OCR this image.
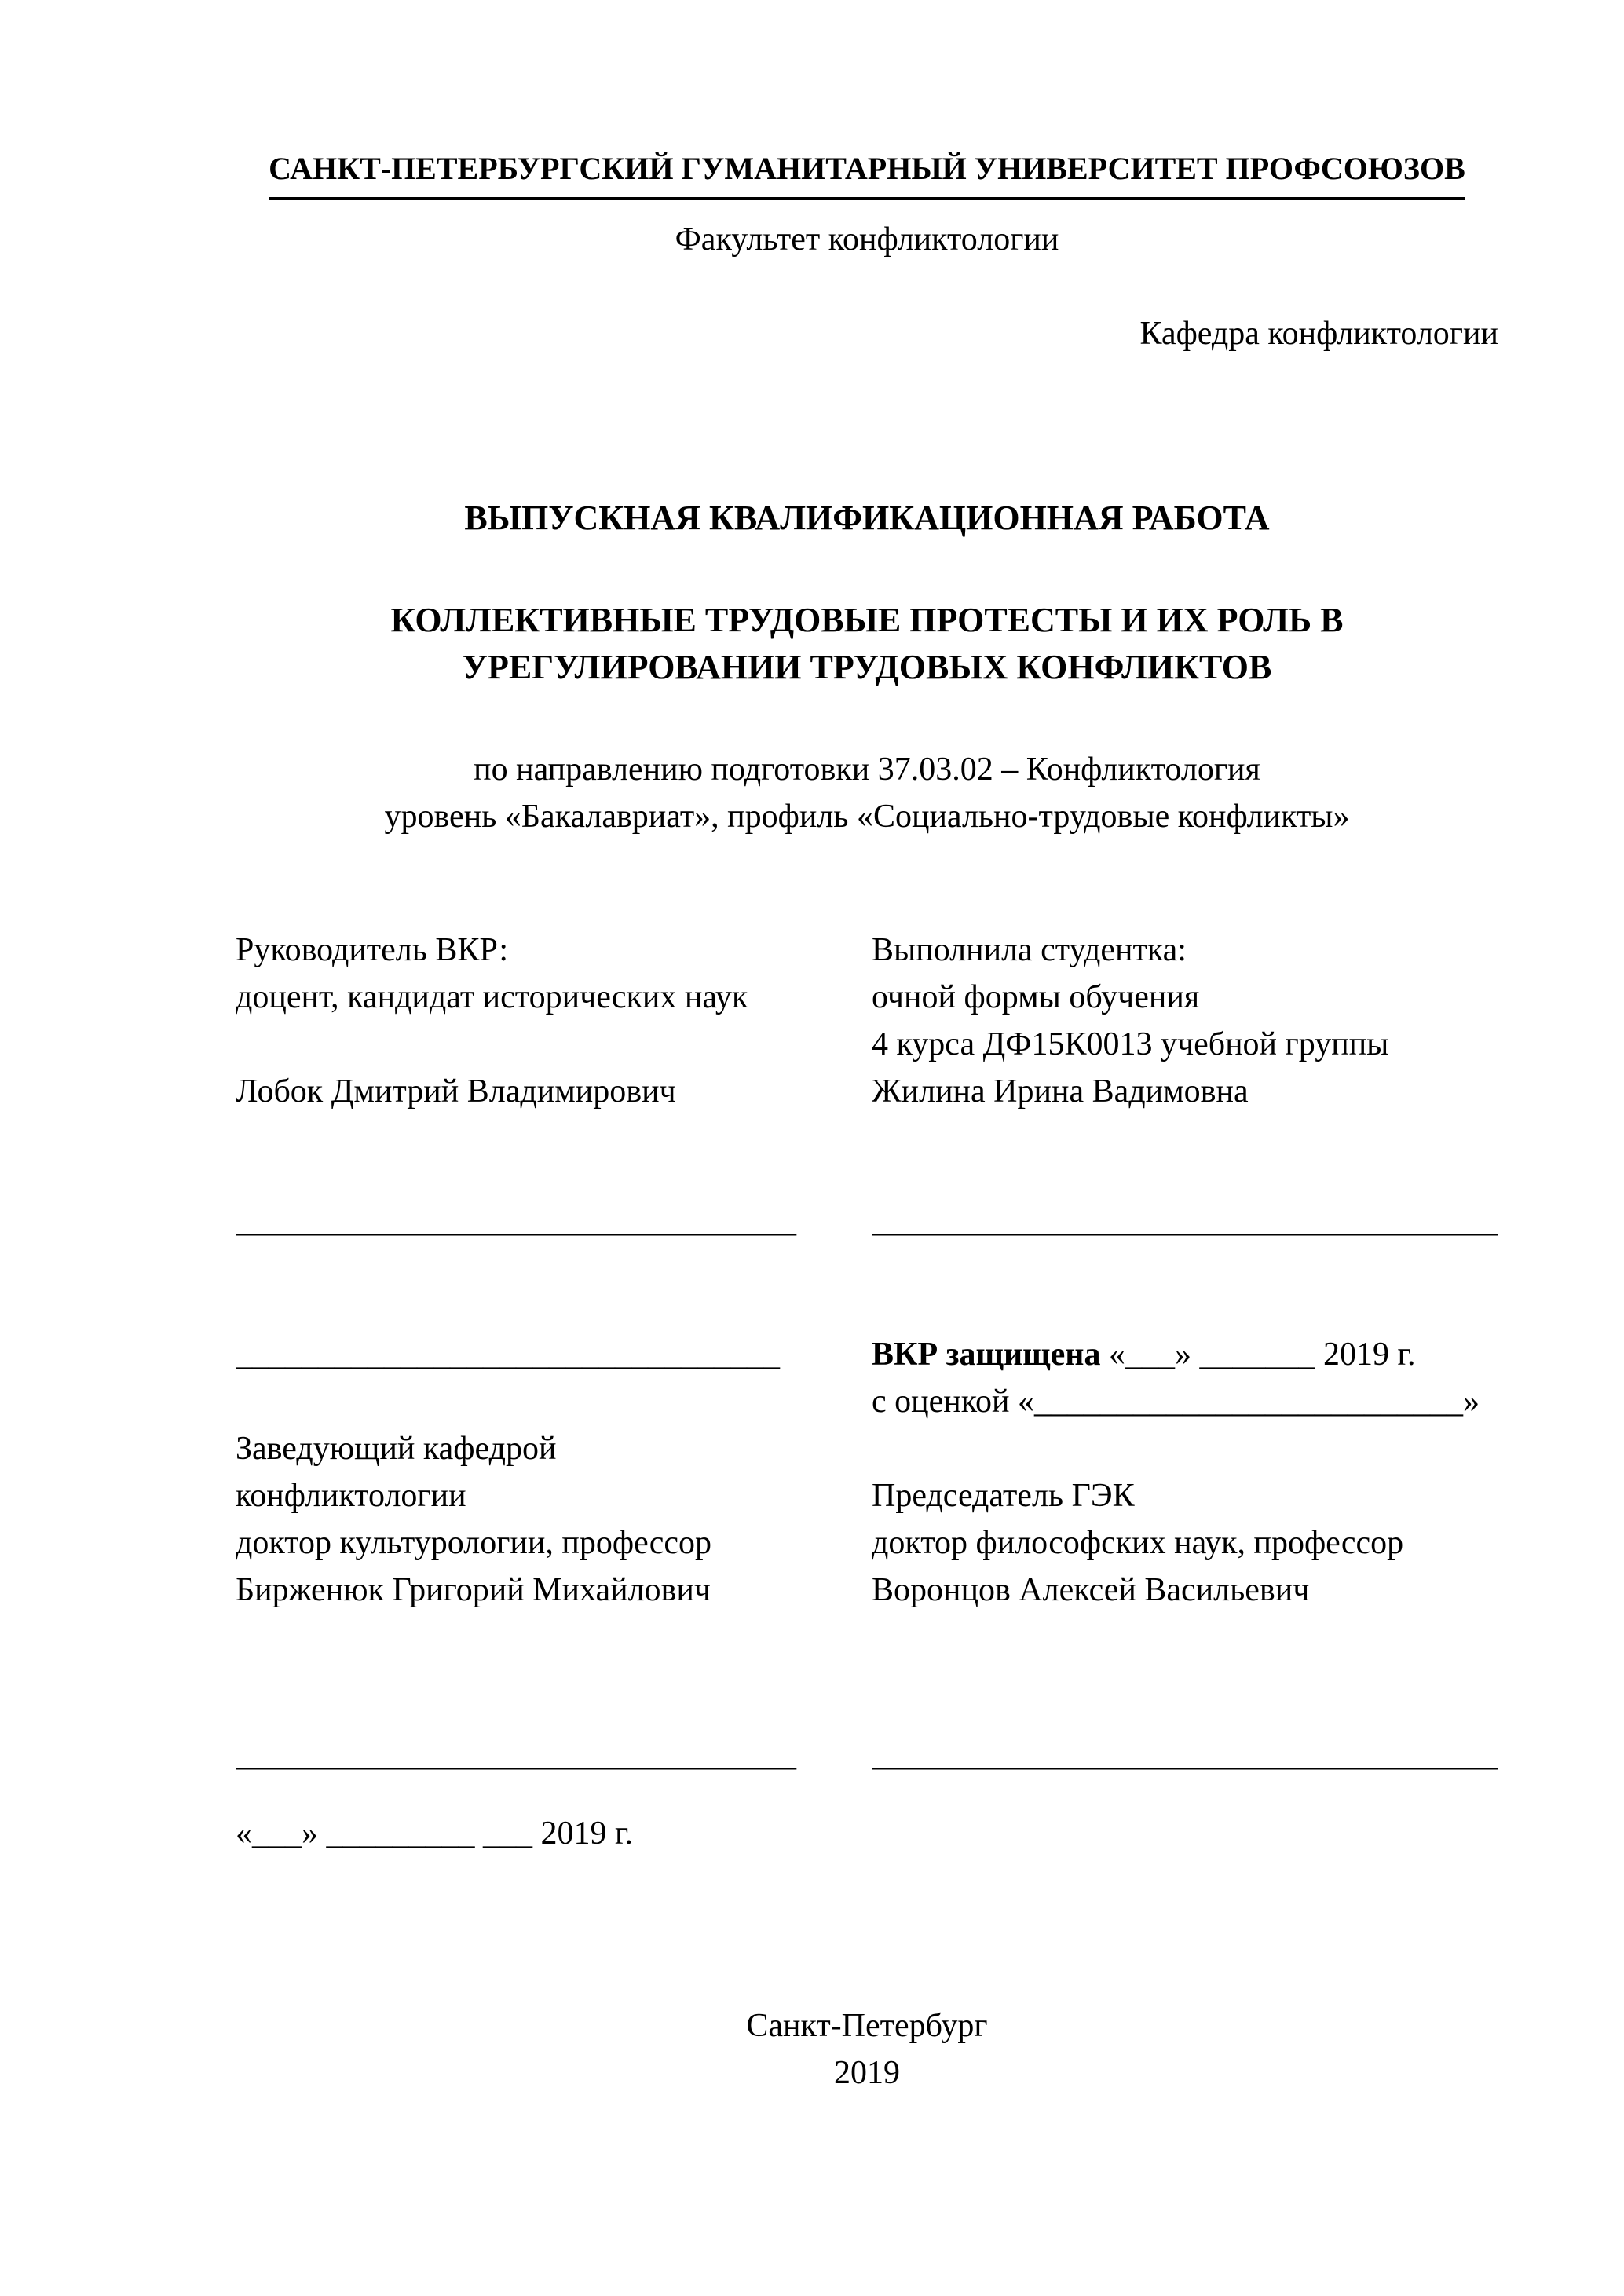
САНКТ-ПЕТЕРБУРГСКИЙ ГУМАНИТАРНЫЙ УНИВЕРСИТЕТ ПРОФСОЮЗОВ
Факультет конфликтологии
Кафедра конфликтологии
ВЫПУСКНАЯ КВАЛИФИКАЦИОННАЯ РАБОТА
КОЛЛЕКТИВНЫЕ ТРУДОВЫЕ ПРОТЕСТЫ И ИХ РОЛЬ В
УРЕГУЛИРОВАНИИ ТРУДОВЫХ КОНФЛИКТОВ
по направлению подготовки 37.03.02 – Конфликтология
уровень «Бакалавриат», профиль «Социально-трудовые конфликты»
Руководитель ВКР:
доцент, кандидат исторических наук
Лобок Дмитрий Владимирович
Выполнила студентка:
очной формы обучения
4 курса ДФ15К0013 учебной группы
Жилина Ирина Вадимовна
__________________________________	______________________________________
_________________________________
Заведующий кафедрой
конфликтологии
доктор культурологии, профессор
Бирженюк Григорий Михайлович
ВКР защищена «___» _______ 2019 г.
с оценкой «__________________________»
Председатель ГЭК
доктор философских наук, профессор
Воронцов Алексей Васильевич
__________________________________	______________________________________
«___» _________ ___ 2019 г.
Санкт-Петербург
2019
